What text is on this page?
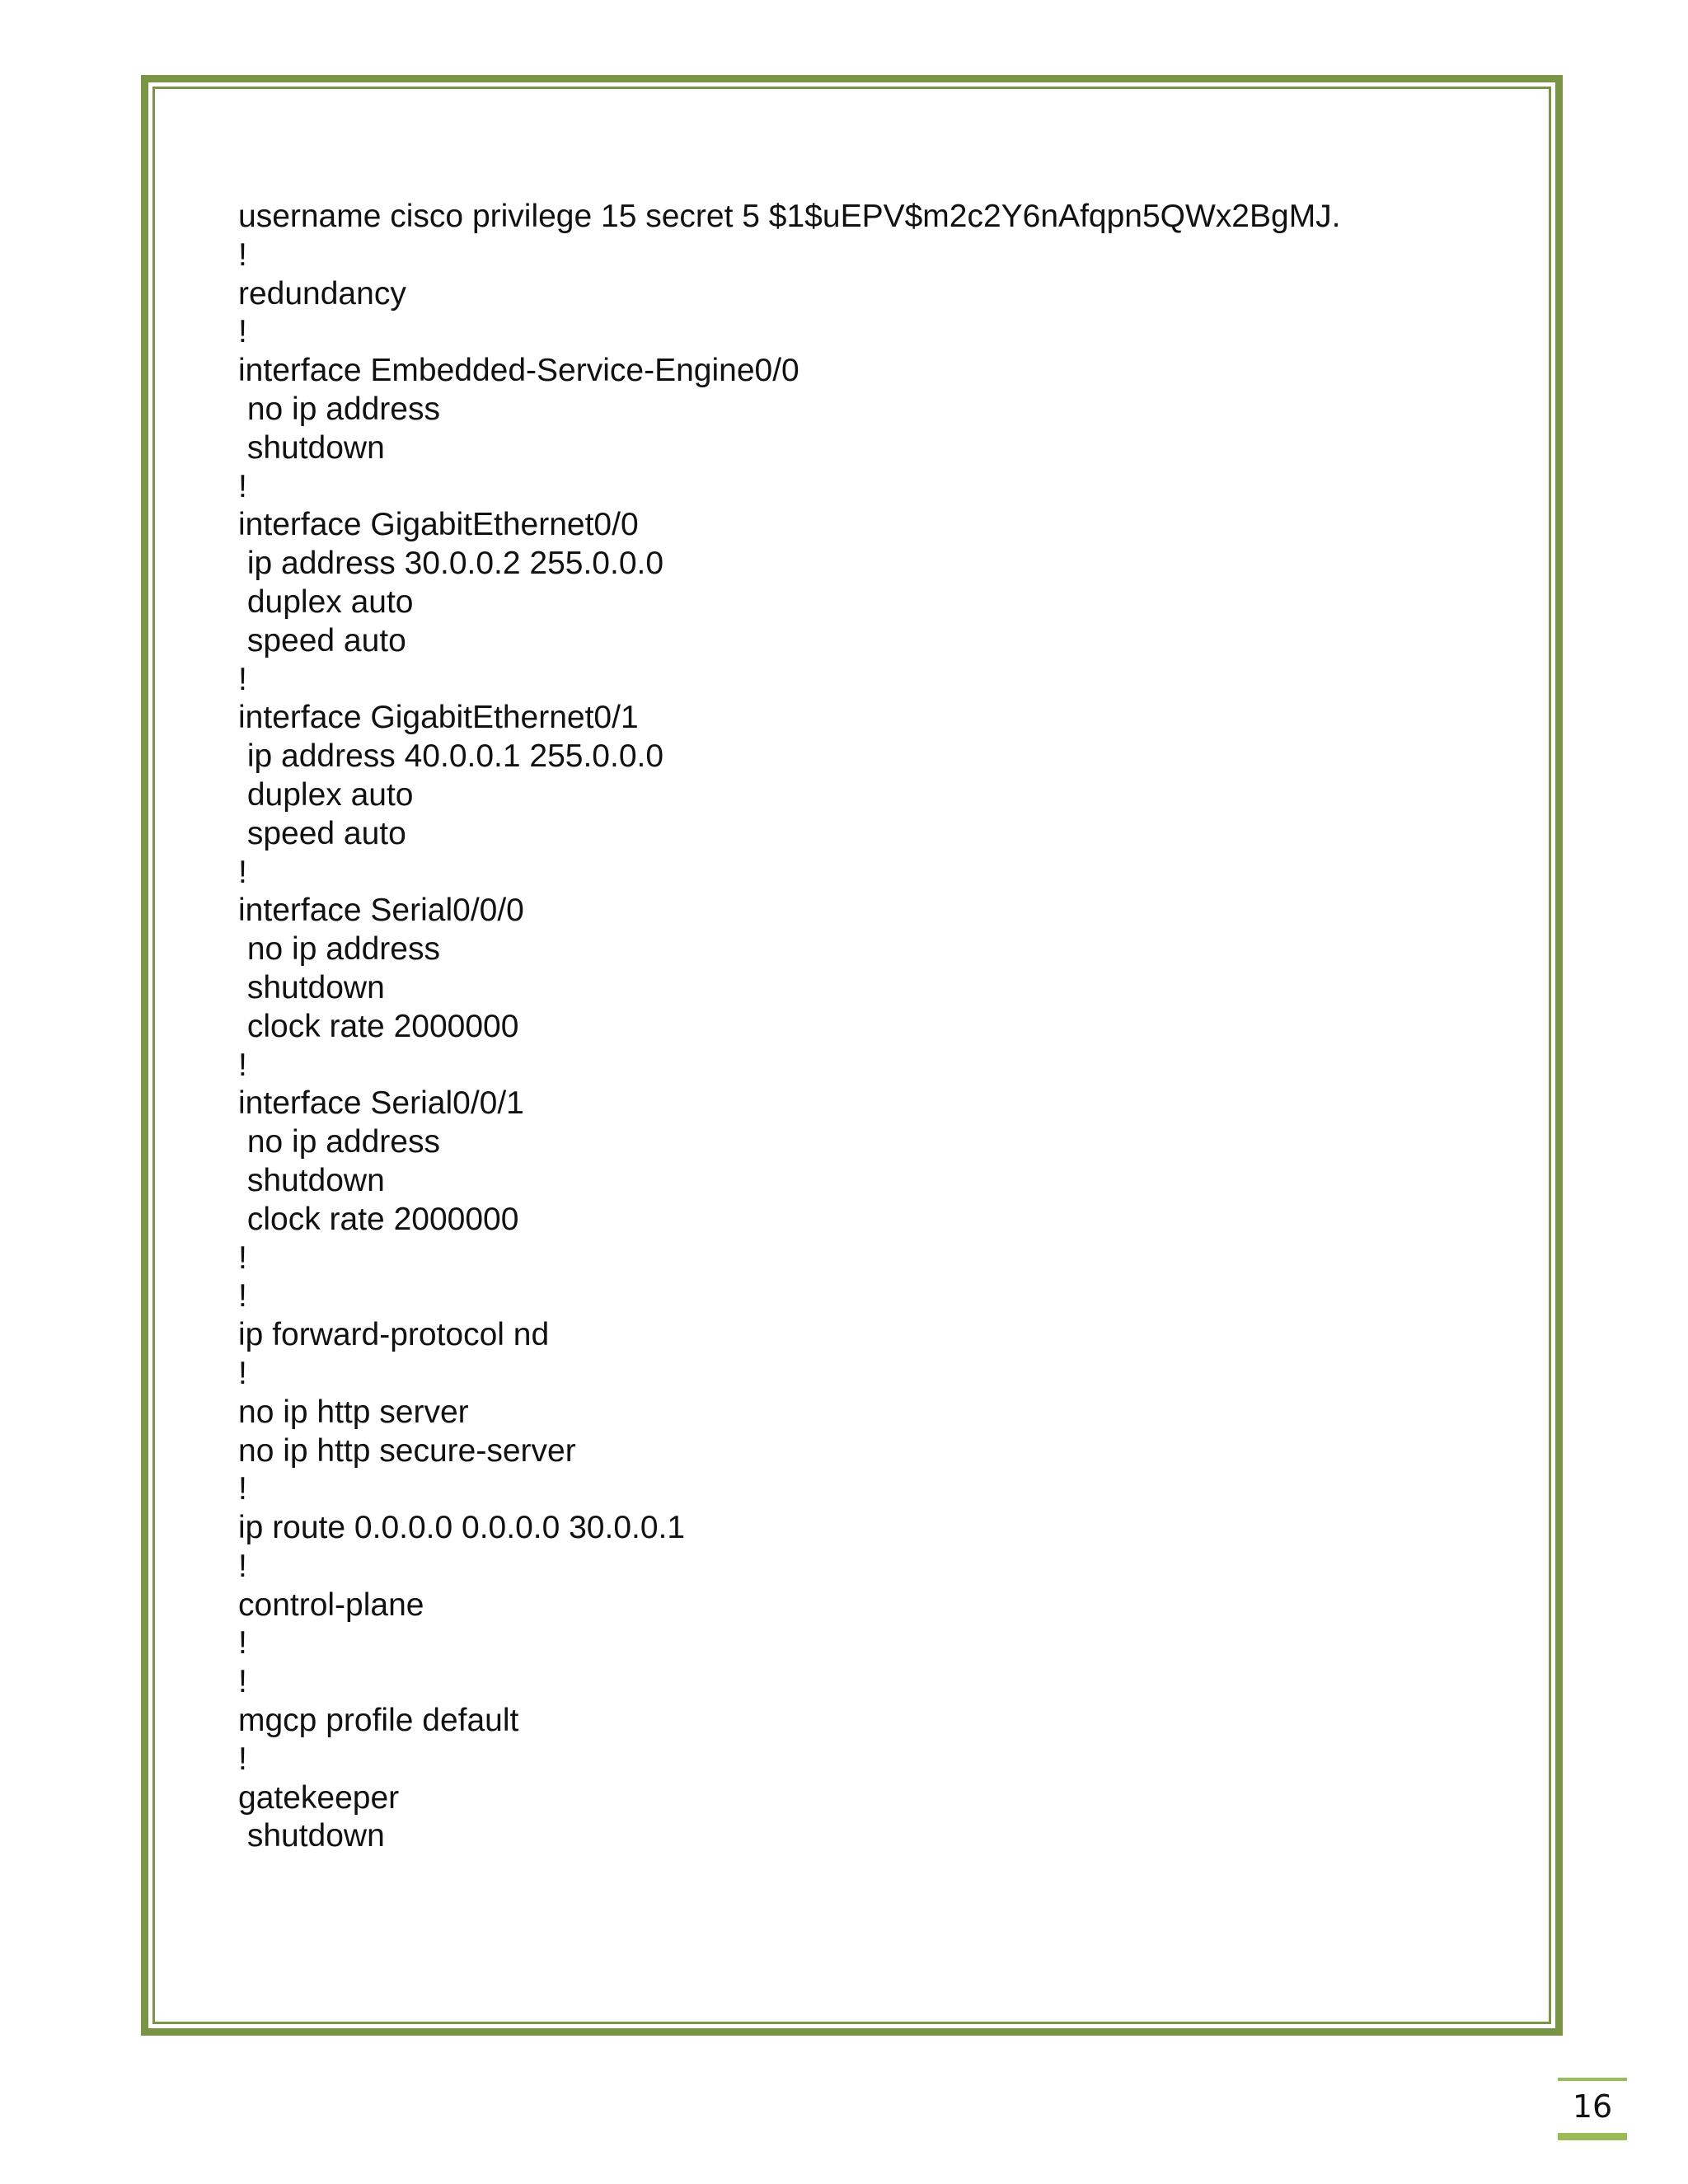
username cisco privilege 15 secret 5 $1$uEPV$m2c2Y6nAfqpn5QWx2BgMJ.
!
redundancy
!
interface Embedded-Service-Engine0/0
no ip address
shutdown
!
interface GigabitEthernet0/0
ip address 30.0.0.2 255.0.0.0
duplex auto
speed auto
!
interface GigabitEthernet0/1
ip address 40.0.0.1 255.0.0.0
duplex auto
speed auto
!
interface Serial0/0/0
no ip address
shutdown
clock rate 2000000
!
interface Serial0/0/1
no ip address
shutdown
clock rate 2000000
!
!
ip forward-protocol nd
!
no ip http server
no ip http secure-server
!
ip route 0.0.0.0 0.0.0.0 30.0.0.1
!
control-plane
!
!
mgcp profile default
!
gatekeeper
shutdown
16
